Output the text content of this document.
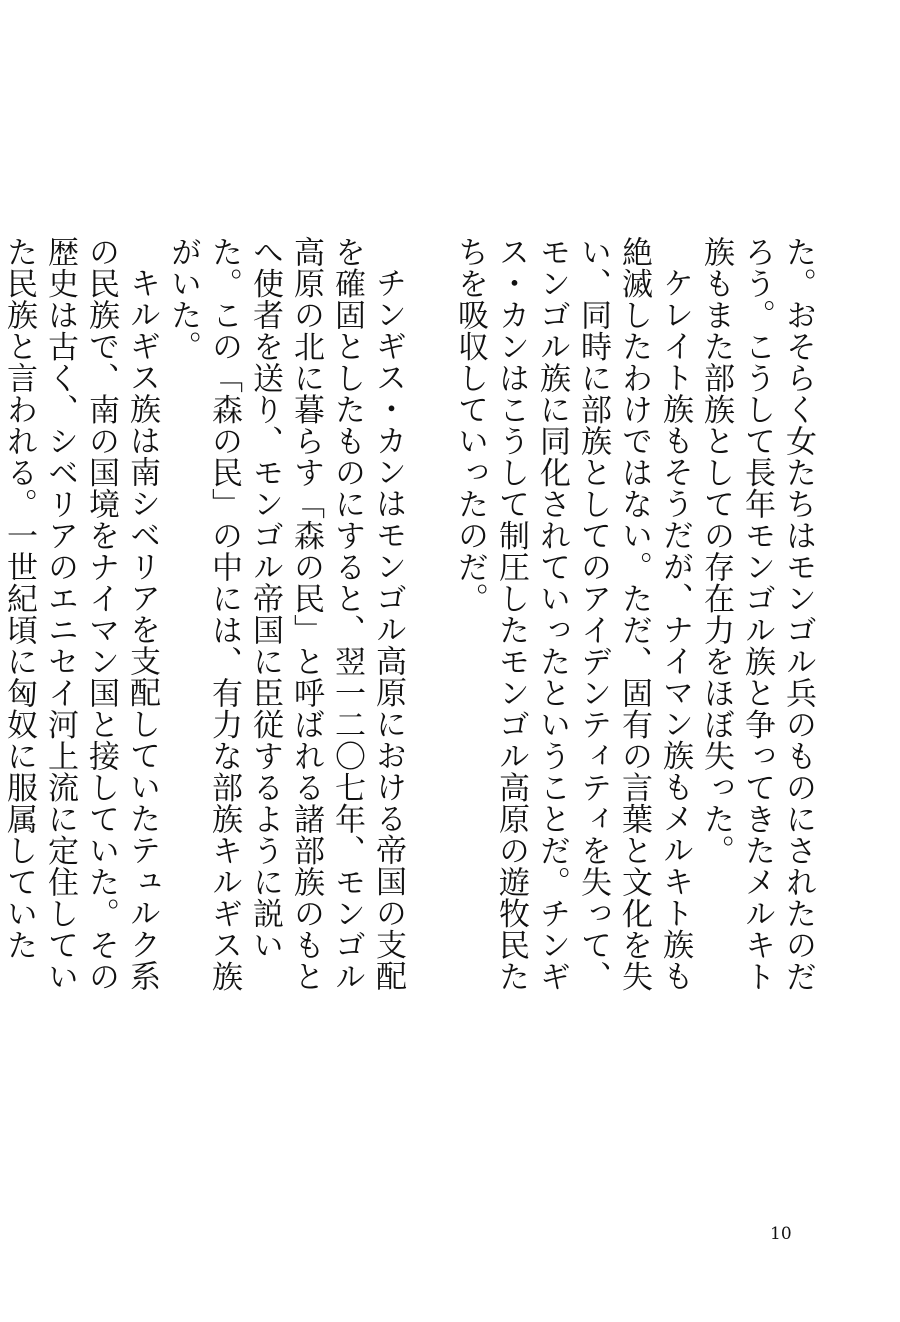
た。おそらく女たちはモンゴル兵のものにされたのだろう。こうして長年モンゴル族と争ってきたメルキト族もまた部族としての存在力をほぼ失った。

ケレイト族もそうだが、ナイマン族もメルキト族も絶滅したわけではない。ただ、固有の言葉と文化を失い、同時に部族としてのアイデンティティを失って、モンゴル族に同化されていったということだ。チンギス・カンはこうして制圧したモンゴル高原の遊牧民たちを吸収していったのだ。

チンギス・カンはモンゴル高原における帝国の支配を確固としたものにすると、翌一二〇七年、モンゴル高原の北に暮らす「森の民」と呼ばれる諸部族のもとへ使者を送り、モンゴル帝国に臣従するように説いた。この「森の民」の中には、有力な部族キルギス族がいた。

キルギス族は南シベリアを支配していたテュルク系の民族で、南の国境をナイマン国と接していた。その歴史は古く、シベリアのエニセイ河上流に定住していた民族と言われる。一世紀頃に匈奴に服属していた

10
